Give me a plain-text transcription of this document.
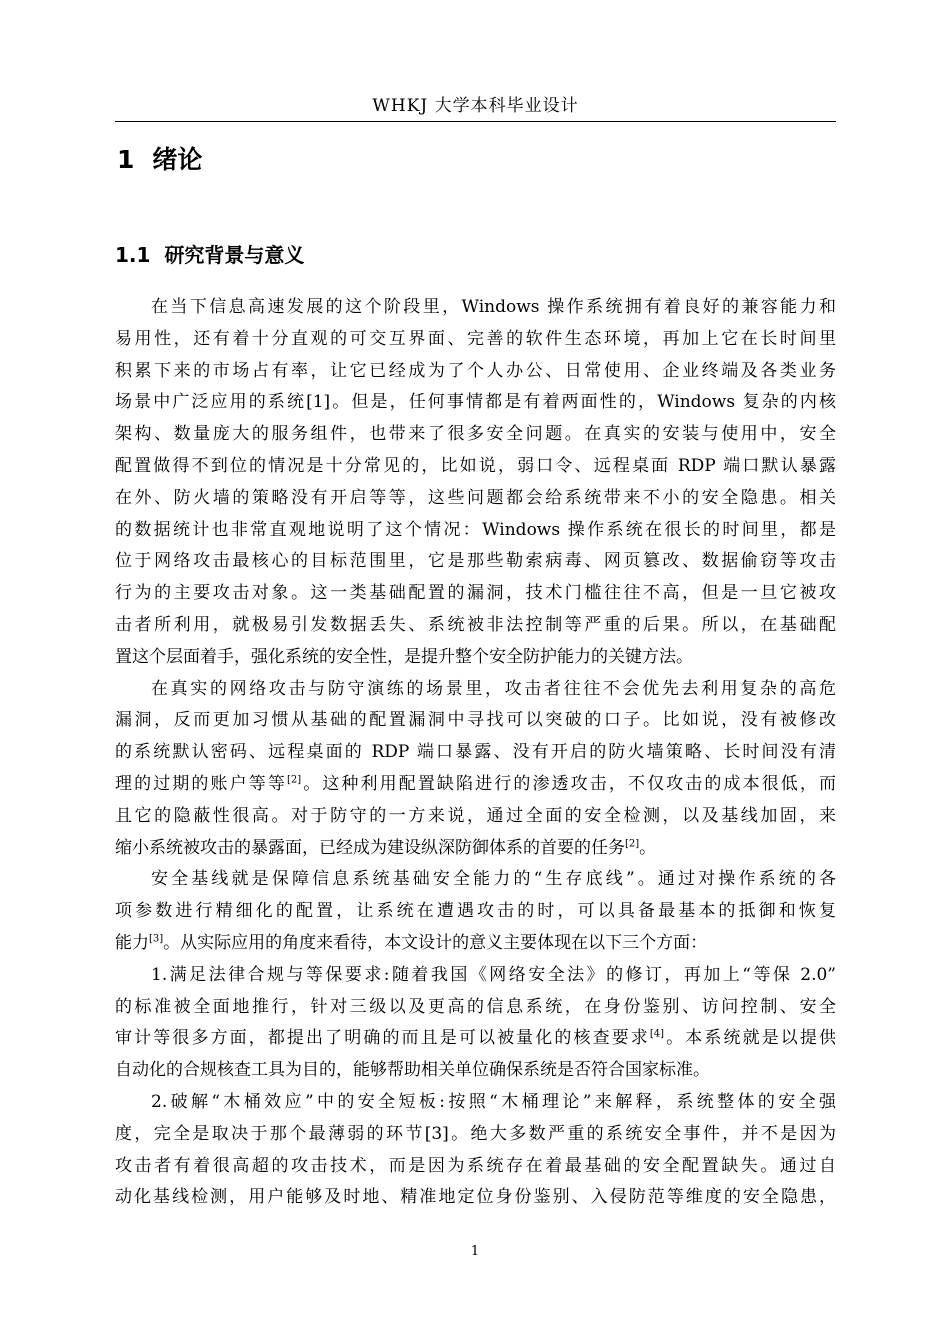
WHKJ 大学本科毕业设计
1 绪论
1.1 研究背景与意义
在当下信息高速发展的这个阶段里，Windows 操作系统拥有着良好的兼容能力和
易用性，还有着十分直观的可交互界面、完善的软件生态环境，再加上它在长时间里
积累下来的市场占有率，让它已经成为了个人办公、日常使用、企业终端及各类业务
场景中广泛应用的系统[1]。但是，任何事情都是有着两面性的，Windows 复杂的内核
架构、数量庞大的服务组件，也带来了很多安全问题。在真实的安装与使用中，安全
配置做得不到位的情况是十分常见的，比如说，弱口令、远程桌面 RDP 端口默认暴露
在外、防火墙的策略没有开启等等，这些问题都会给系统带来不小的安全隐患。相关
的数据统计也非常直观地说明了这个情况：Windows 操作系统在很长的时间里，都是
位于网络攻击最核心的目标范围里，它是那些勒索病毒、网页篡改、数据偷窃等攻击
行为的主要攻击对象。这一类基础配置的漏洞，技术门槛往往不高，但是一旦它被攻
击者所利用，就极易引发数据丢失、系统被非法控制等严重的后果。所以，在基础配
置这个层面着手，强化系统的安全性，是提升整个安全防护能力的关键方法。
在真实的网络攻击与防守演练的场景里，攻击者往往不会优先去利用复杂的高危
漏洞，反而更加习惯从基础的配置漏洞中寻找可以突破的口子。比如说，没有被修改
的系统默认密码、远程桌面的 RDP 端口暴露、没有开启的防火墙策略、长时间没有清
理的过期的账户等等[2]。这种利用配置缺陷进行的渗透攻击，不仅攻击的成本很低，而
且它的隐蔽性很高。对于防守的一方来说，通过全面的安全检测，以及基线加固，来
缩小系统被攻击的暴露面，已经成为建设纵深防御体系的首要的任务[2]。
安全基线就是保障信息系统基础安全能力的“生存底线”。通过对操作系统的各
项参数进行精细化的配置，让系统在遭遇攻击的时，可以具备最基本的抵御和恢复
能力[3]。从实际应用的角度来看待，本文设计的意义主要体现在以下三个方面：
1.满足法律合规与等保要求:随着我国《网络安全法》的修订，再加上“等保 2.0”
的标准被全面地推行，针对三级以及更高的信息系统，在身份鉴别、访问控制、安全
审计等很多方面，都提出了明确的而且是可以被量化的核查要求[4]。本系统就是以提供
自动化的合规核查工具为目的，能够帮助相关单位确保系统是否符合国家标准。
2.破解“木桶效应”中的安全短板:按照“木桶理论”来解释，系统整体的安全强
度，完全是取决于那个最薄弱的环节[3]。绝大多数严重的系统安全事件，并不是因为
攻击者有着很高超的攻击技术，而是因为系统存在着最基础的安全配置缺失。通过自
动化基线检测，用户能够及时地、精准地定位身份鉴别、入侵防范等维度的安全隐患，
1
